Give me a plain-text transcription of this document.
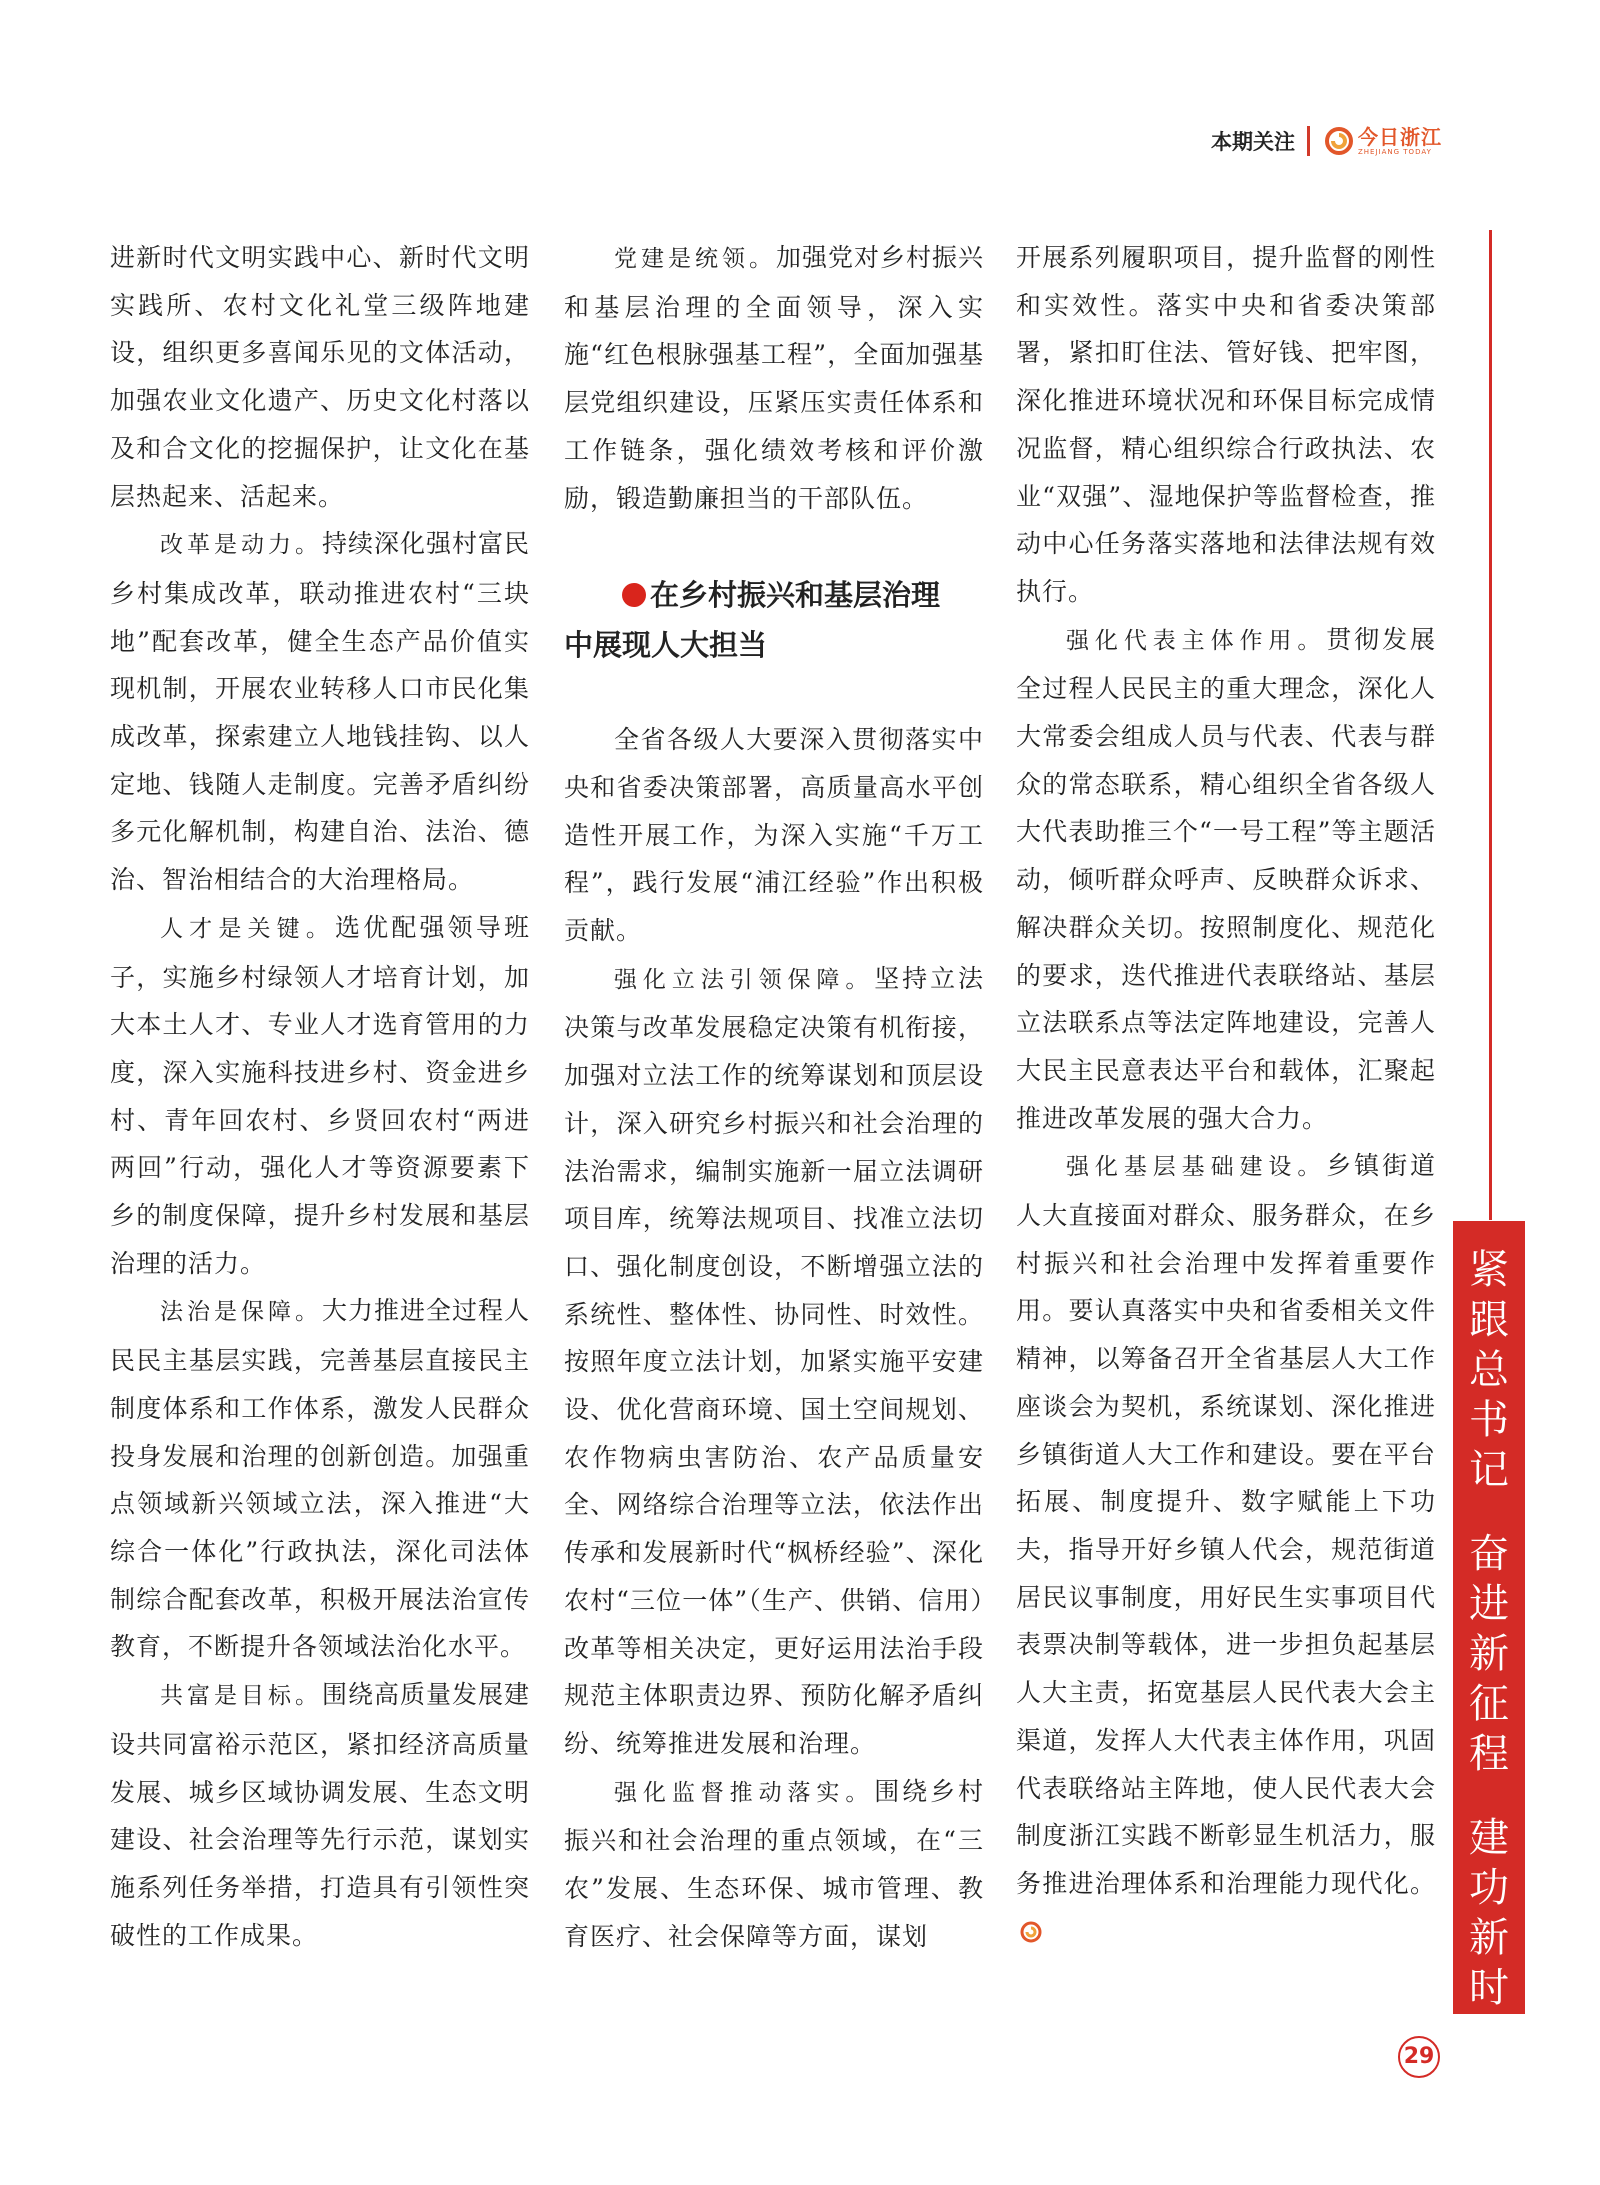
本期关注	今日浙江
ZHEJIANG TODAY

进新时代文明实践中心、新时代文明实践所、农村文化礼堂三级阵地建设，组织更多喜闻乐见的文体活动，加强农业文化遗产、历史文化村落以及和合文化的挖掘保护，让文化在基层热起来、活起来。

改革是动力。持续深化强村富民乡村集成改革，联动推进农村“三块地”配套改革，健全生态产品价值实现机制，开展农业转移人口市民化集成改革，探索建立人地钱挂钩、以人定地、钱随人走制度。完善矛盾纠纷多元化解机制，构建自治、法治、德治、智治相结合的大治理格局。

人才是关键。选优配强领导班子，实施乡村绿领人才培育计划，加大本土人才、专业人才选育管用的力度，深入实施科技进乡村、资金进乡村、青年回农村、乡贤回农村“两进两回”行动，强化人才等资源要素下乡的制度保障，提升乡村发展和基层治理的活力。

法治是保障。大力推进全过程人民民主基层实践，完善基层直接民主制度体系和工作体系，激发人民群众投身发展和治理的创新创造。加强重点领域新兴领域立法，深入推进“大综合一体化”行政执法，深化司法体制综合配套改革，积极开展法治宣传教育，不断提升各领域法治化水平。

共富是目标。围绕高质量发展建设共同富裕示范区，紧扣经济高质量发展、城乡区域协调发展、生态文明建设、社会治理等先行示范，谋划实施系列任务举措，打造具有引领性突破性的工作成果。

党建是统领。加强党对乡村振兴和基层治理的全面领导，深入实施“红色根脉强基工程”，全面加强基层党组织建设，压紧压实责任体系和工作链条，强化绩效考核和评价激励，锻造勤廉担当的干部队伍。

在乡村振兴和基层治理
中展现人大担当

全省各级人大要深入贯彻落实中央和省委决策部署，高质量高水平创造性开展工作，为深入实施“千万工程”，践行发展“浦江经验”作出积极贡献。

强化立法引领保障。坚持立法决策与改革发展稳定决策有机衔接，加强对立法工作的统筹谋划和顶层设计，深入研究乡村振兴和社会治理的法治需求，编制实施新一届立法调研项目库，统筹法规项目、找准立法切口、强化制度创设，不断增强立法的系统性、整体性、协同性、时效性。按照年度立法计划，加紧实施平安建设、优化营商环境、国土空间规划、农作物病虫害防治、农产品质量安全、网络综合治理等立法，依法作出传承和发展新时代“枫桥经验”、深化农村“三位一体”（生产、供销、信用）改革等相关决定，更好运用法治手段规范主体职责边界、预防化解矛盾纠纷、统筹推进发展和治理。

强化监督推动落实。围绕乡村振兴和社会治理的重点领域，在“三农”发展、生态环保、城市管理、教育医疗、社会保障等方面，谋划

开展系列履职项目，提升监督的刚性和实效性。落实中央和省委决策部署，紧扣盯住法、管好钱、把牢图，深化推进环境状况和环保目标完成情况监督，精心组织综合行政执法、农业“双强”、湿地保护等监督检查，推动中心任务落实落地和法律法规有效执行。

强化代表主体作用。贯彻发展全过程人民民主的重大理念，深化人大常委会组成人员与代表、代表与群众的常态联系，精心组织全省各级人大代表助推三个“一号工程”等主题活动，倾听群众呼声、反映群众诉求、解决群众关切。按照制度化、规范化的要求，迭代推进代表联络站、基层立法联系点等法定阵地建设，完善人大民主民意表达平台和载体，汇聚起推进改革发展的强大合力。

强化基层基础建设。乡镇街道人大直接面对群众、服务群众，在乡村振兴和社会治理中发挥着重要作用。要认真落实中央和省委相关文件精神，以筹备召开全省基层人大工作座谈会为契机，系统谋划、深化推进乡镇街道人大工作和建设。要在平台拓展、制度提升、数字赋能上下功夫，指导开好乡镇人代会，规范街道居民议事制度，用好民生实事项目代表票决制等载体，进一步担负起基层人大主责，拓宽基层人民代表大会主渠道，发挥人大代表主体作用，巩固代表联络站主阵地，使人民代表大会制度浙江实践不断彰显生机活力，服务推进治理体系和治理能力现代化。

紧
跟
总
书
记
奋
进
新
征
程
建
功
新
时
代
29
